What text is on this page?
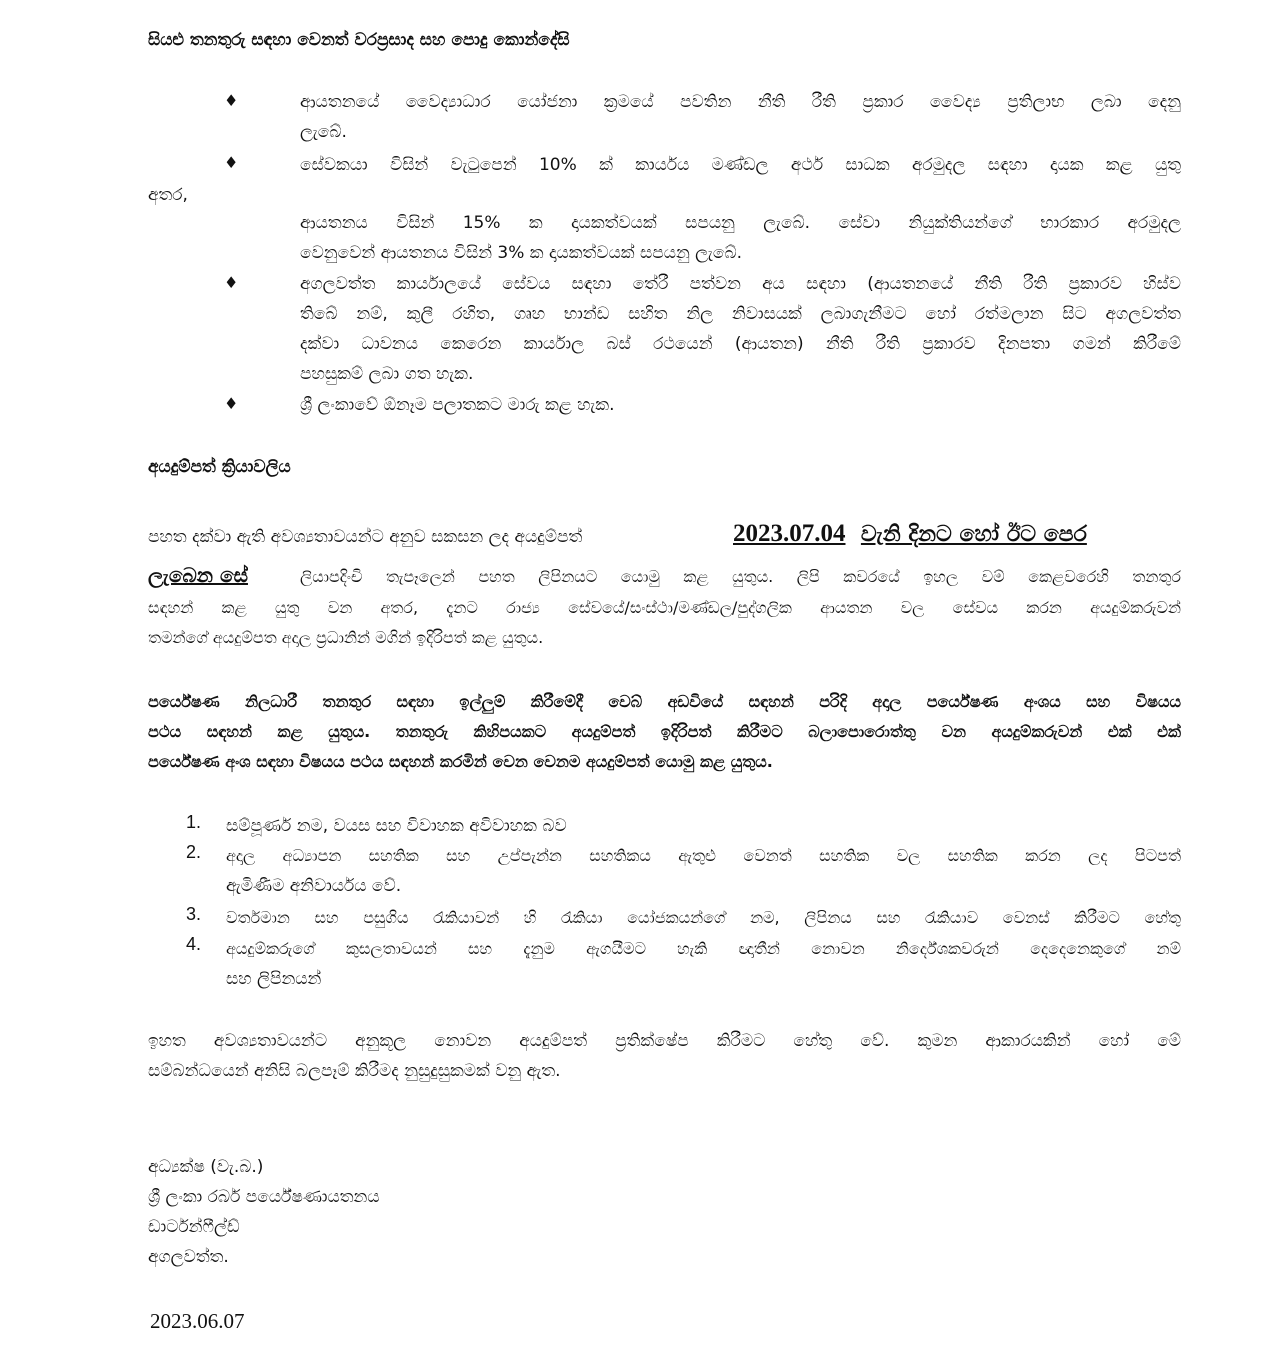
සියළු තනතුරු සඳහා වෙනත් වරප්‍රසාද සහ පොදු කොන්දේසි
♦	ආයතනයේ වෛද්‍යාධාර යෝජනා ක්‍රමයේ පවතින නීති රීති ප්‍රකාර වෛද්‍ය ප්‍රතිලාභ ලබා දෙනු
ලැබේ.
♦	සේවකයා විසින් වැටුපෙන් 10% ක් කාර්යය මණ්ඩල අර්ථ සාධක අරමුදල සඳහා දායක කළ යුතු
අතර,
ආයතනය විසින් 15% ක දායකත්වයක් සපයනු ලැබේ. සේවා නියුක්තියන්ගේ භාරකාර අරමුදල
වෙනුවෙන් ආයතනය විසින් 3% ක දායකත්වයක් සපයනු ලැබේ.
♦	අගලවත්ත කාර්යාලයේ සේවය සඳහා තේරී පත්වන අය සඳහා (ආයතනයේ නීති රීති ප්‍රකාරව හිස්ව
තිබේ නම්, කුලී රහිත, ගෘහ භාන්ඩ සහිත නිල නිවාසයක් ලබාගැනීමට හෝ රත්මලාන සිට අගලවත්ත
දක්වා ධාවනය කෙරෙන කාර්යාල බස් රථයෙන් (ආයතන) නීති රීති ප්‍රකාරව දිනපතා ගමන් කිරීමේ
පහසුකම් ලබා ගත හැක.
♦	ශ්‍රී ලංකාවේ ඕනෑම පලාතකට මාරු කළ හැක.
අයදුම්පත් ක්‍රියාවලිය
පහත දක්වා ඇති අවශ්‍යතාවයන්ට අනුව සකසන ලද අයදුම්පත්	2023.07.04 වැනි දිනට හෝ ඊට පෙර
ලැබෙන සේ	ලියාපදිංචි තැපෑලෙන් පහත ලිපිනයට යොමු කළ යුතුය. ලිපි කවරයේ ඉහල වම් කෙළවරෙහි තනතුර
සඳහන් කළ යුතු වන අතර, දැනට රාජ්‍ය සේවයේ/සංස්ථා/මණ්ඩල/පුද්ගලික ආයතන වල සේවය කරන අයදුම්කරුවන්
තමන්ගේ අයදුම්පත අදාල ප්‍රධානින් මගින් ඉදිරිපත් කළ යුතුය.
පර්යේෂණ නිලධාරී තනතුර සඳහා ඉල්ලුම් කිරීමේදී වෙබ් අඩවියේ සඳහන් පරිදි අදාල පර්යේෂණ අංශය සහ විෂයය
පථය සඳහන් කළ යුතුය. තනතුරු කිහිපයකට අයදුම්පත් ඉදිරිපත් කිරීමට බලාපොරොත්තු වන අයදුම්කරුවන් එක් එක්
පර්යේෂණ අංශ සඳහා විෂයය පථය සඳහන් කරමින් වෙන වෙනම අයදුම්පත් යොමු කළ යුතුය.
1. සම්පූර්ණ නම, වයස සහ විවාහක අවිවාහක බව
2. අදාල අධ්‍යාපන සහතික සහ උප්පැන්න සහතිකය ඇතුළු වෙනත් සහතික වල සහතික කරන ලද පිටපත්
ඇමිණීම අනිවාර්යය වේ.
3. වර්තමාන සහ පසුගිය රැකියාවන් හි රැකියා යෝජකයන්ගේ නම, ලිපිනය සහ රැකියාව වෙනස් කිරීමට හේතු
4. අයදුම්කරුගේ කුසලතාවයන් සහ දැනුම ඇගයීමට හැකි ඥාතීන් නොවන නිර්දේශකවරුන් දෙදෙනෙකුගේ නම්
සහ ලිපිනයන්
ඉහත අවශ්‍යතාවයන්ට අනුකූල නොවන අයදුම්පත් ප්‍රතික්ෂේප කිරීමට හේතු වේ. කුමන ආකාරයකින් හෝ මේ
සම්බන්ධයෙන් අනිසි බලපෑම් කිරීමද නුසුදුසුකමක් වනු ඇත.
අධ්‍යක්ෂ (වැ.බ.)
ශ්‍රී ලංකා රබර් පර්යේෂණායතනය
ඩාර්ටන්ෆීල්ඩ්
අගලවත්ත.
2023.06.07
